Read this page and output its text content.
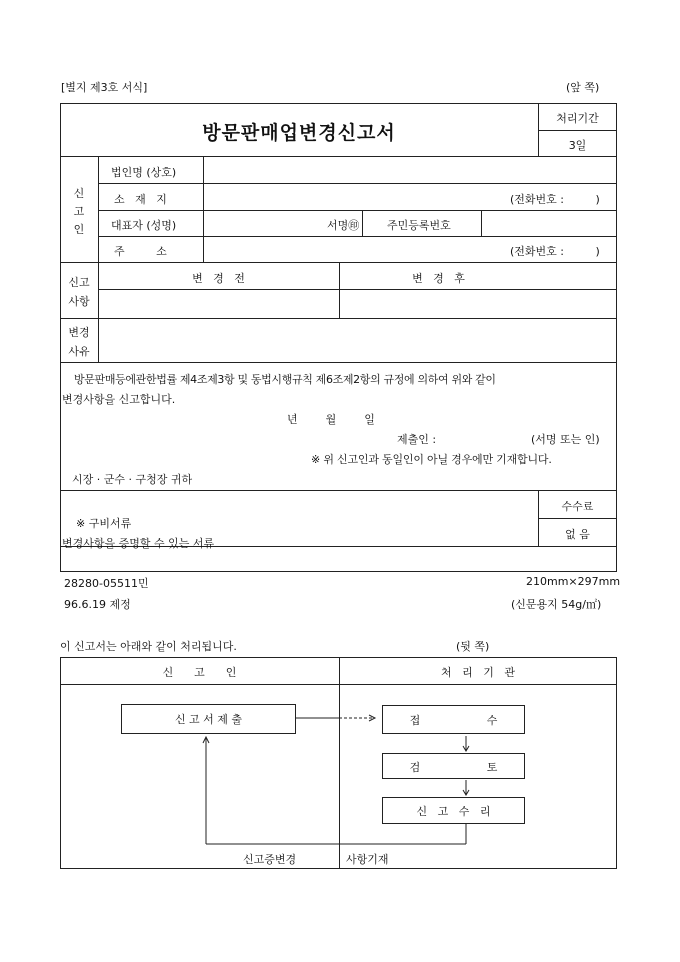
[별지 제3호 서식]	(앞 쪽)
방문판매업변경신고서
처리기간
3일
신
고
인
법인명 (상호)
소   재   지	(전화번호 :         )
대표자 (성명)	서명㊞	주민등록번호
주         소	(전화번호 :         )
신고
사항
변   경   전	변   경   후
변경
사유
방문판매등에관한법률 제4조제3항 및 동법시행규칙 제6조제2항의 규정에 의하여 위와 같이
변경사항을 신고합니다.
년        월        일
제출인 :	(서명 또는 인)
※ 위 신고인과 동일인이 아닐 경우에만 기재합니다.
시장 · 군수 · 구청장 귀하
수수료
없 음
※ 구비서류
변경사항을 증명할 수 있는 서류
28280-05511민	210mm×297mm
96.6.19 제정	(신문용지 54g/㎡)
이 신고서는 아래와 같이 처리됩니다.	(뒷 쪽)
신      고      인	처   리   기   관
신 고 서 제 출	접                   수
검                   토
신   고   수   리
신고증변경	사항기재
